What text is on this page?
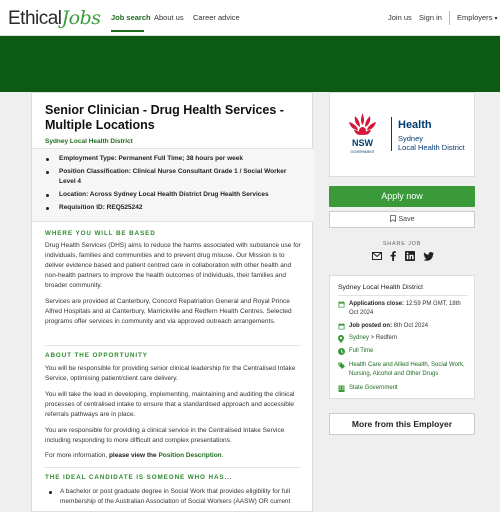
EthicalJobs Job search About us Career advice	Join us Sign in Employers ▾
Senior Clinician - Drug Health Services - Multiple Locations
Sydney Local Health District
Employment Type: Permanent Full Time; 38 hours per week
Position Classification: Clinical Nurse Consultant Grade 1 / Social Worker Level 4
Location: Across Sydney Local Health District Drug Health Services
Requisition ID: REQ525242
WHERE YOU WILL BE BASED

Drug Health Services (DHS) aims to reduce the harms associated with substance use for individuals, families and communities and to prevent drug misuse. Our Mission is to deliver evidence based and patient centred care in collaboration with other health and non-health partners to improve the health outcomes of individuals, their families and broader community.

Services are provided at Canterbury, Concord Repatriation General and Royal Prince Alfred Hospitals and at Canterbury, Marrickville and Redfern Health Centres. Selected programs offer services in community and via approved outreach arrangements.

ABOUT THE OPPORTUNITY

You will be responsible for providing senior clinical leadership for the Centralised Intake Service, optimising patient/client care delivery.

You will take the lead in developing, implementing, maintaining and auditing the clinical processes of centralised intake to ensure that a standardised approach and accessible referrals pathways are in place.

You are responsible for providing a clinical service in the Centralised Intake Service including responding to more difficult and complex presentations.

For more information, please view the Position Description.

THE IDEAL CANDIDATE IS SOMEONE WHO HAS...
A bachelor or post graduate degree in Social Work that provides eligibility for full membership of the Australian Association of Social Workers (AASW) OR current
NSW
GOVERNMENT
Health
Sydney
Local Health District
Apply now
Save
SHARE JOB
Sydney Local Health District
Applications close: 12:59 PM GMT, 18th Oct 2024
Job posted on: 8th Oct 2024
Sydney > Redfern
Full Time
Health Care and Allied Health, Social Work, Nursing, Alcohol and Other Drugs
State Government
More from this Employer
